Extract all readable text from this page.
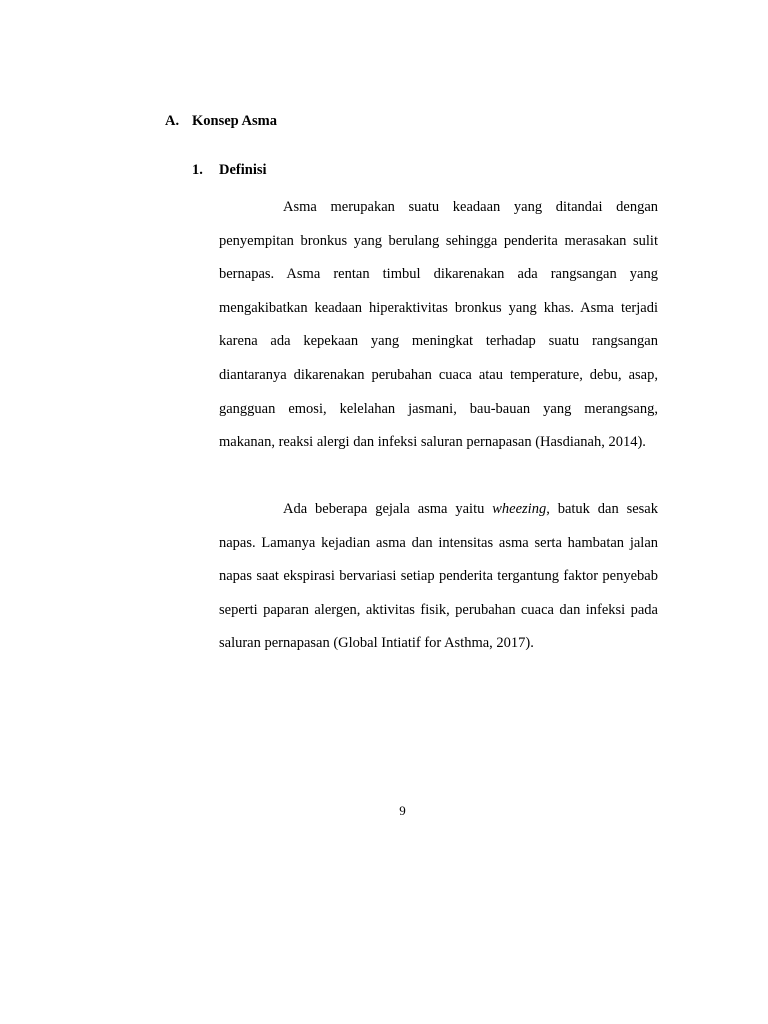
A. Konsep Asma
1. Definisi

Asma merupakan suatu keadaan yang ditandai dengan penyempitan bronkus yang berulang sehingga penderita merasakan sulit bernapas. Asma rentan timbul dikarenakan ada rangsangan yang mengakibatkan keadaan hiperaktivitas bronkus yang khas. Asma terjadi karena ada kepekaan yang meningkat terhadap suatu rangsangan diantaranya dikarenakan perubahan cuaca atau temperature, debu, asap, gangguan emosi, kelelahan jasmani, bau-bauan yang merangsang, makanan, reaksi alergi dan infeksi saluran pernapasan (Hasdianah, 2014).

Ada beberapa gejala asma yaitu wheezing, batuk dan sesak napas. Lamanya kejadian asma dan intensitas asma serta hambatan jalan napas saat ekspirasi bervariasi setiap penderita tergantung faktor penyebab seperti paparan alergen, aktivitas fisik, perubahan cuaca dan infeksi pada saluran pernapasan (Global Intiatif for Asthma, 2017).

9
